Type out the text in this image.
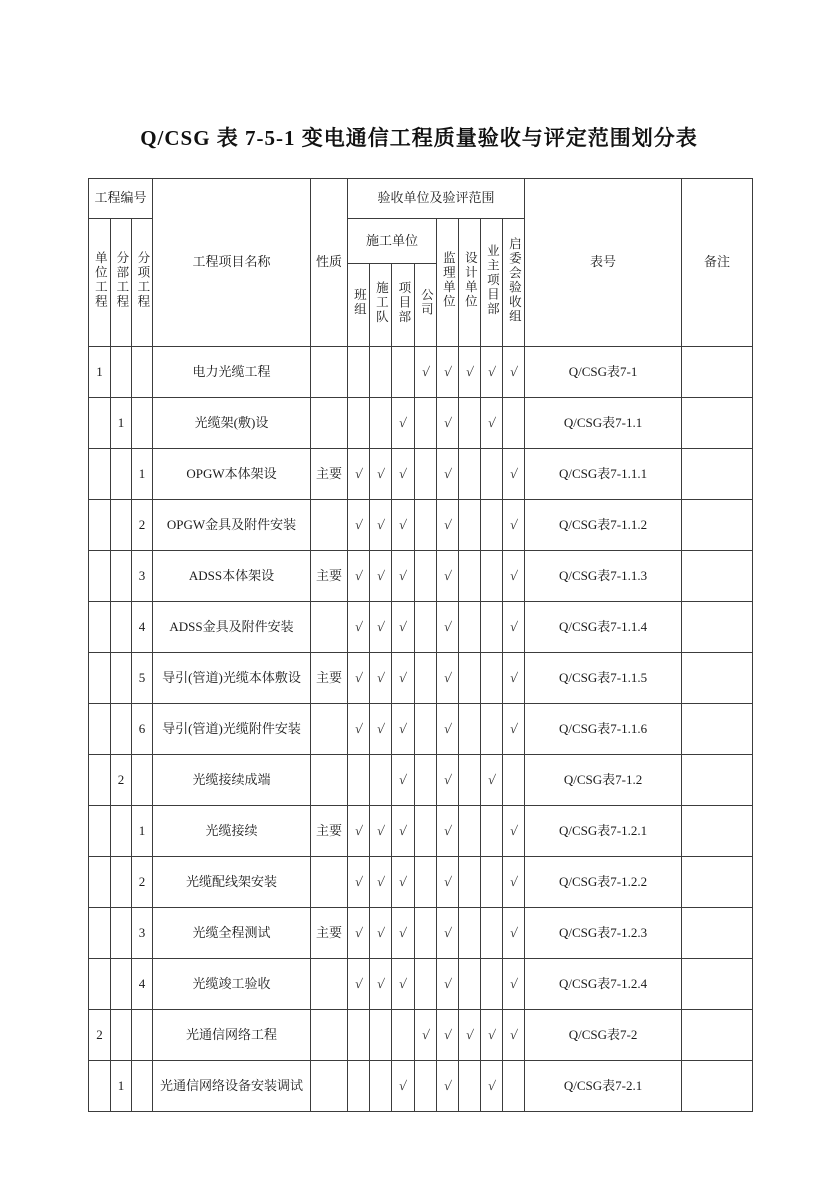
Q/CSG 表 7-5-1 变电通信工程质量验收与评定范围划分表
工程编号			工程项目名称	性质	验收单位及验评范围								表号	备注
单位工程	分部工程	分项工程			施工单位				监理单位	设计单位	业主项目部	启委会验收组		
					班组	施工队	项目部	公司						
1			电力光缆工程					√	√	√	√	√	Q/CSG表7-1	
	1		光缆架(敷)设				√		√		√		Q/CSG表7-1.1	
		1	OPGW本体架设	主要	√	√	√		√			√	Q/CSG表7-1.1.1	
		2	OPGW金具及附件安装		√	√	√		√			√	Q/CSG表7-1.1.2	
		3	ADSS本体架设	主要	√	√	√		√			√	Q/CSG表7-1.1.3	
		4	ADSS金具及附件安装		√	√	√		√			√	Q/CSG表7-1.1.4	
		5	导引(管道)光缆本体敷设	主要	√	√	√		√			√	Q/CSG表7-1.1.5	
		6	导引(管道)光缆附件安装		√	√	√		√			√	Q/CSG表7-1.1.6	
	2		光缆接续成端				√		√		√		Q/CSG表7-1.2	
		1	光缆接续	主要	√	√	√		√			√	Q/CSG表7-1.2.1	
		2	光缆配线架安装		√	√	√		√			√	Q/CSG表7-1.2.2	
		3	光缆全程测试	主要	√	√	√		√			√	Q/CSG表7-1.2.3	
		4	光缆竣工验收		√	√	√		√			√	Q/CSG表7-1.2.4	
2			光通信网络工程					√	√	√	√	√	Q/CSG表7-2	
	1		光通信网络设备安装调试				√		√		√		Q/CSG表7-2.1	
